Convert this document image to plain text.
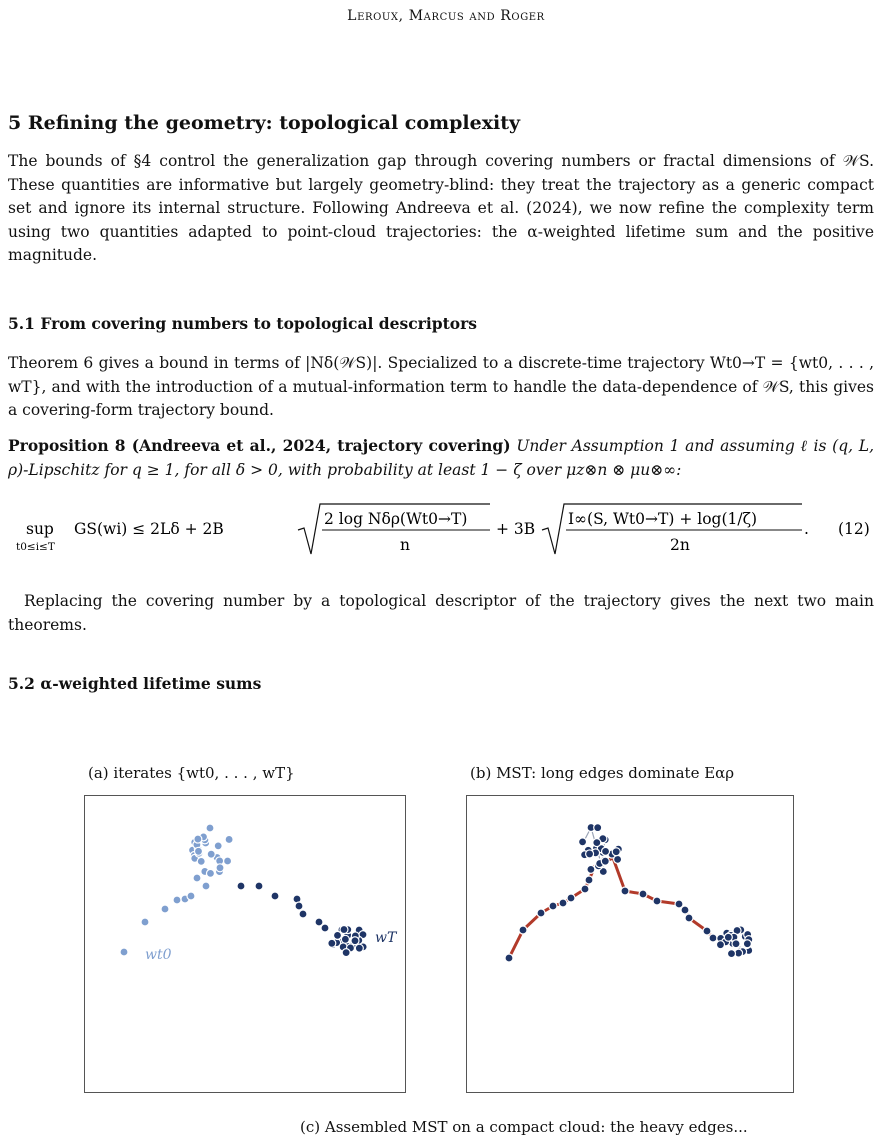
Leroux, Marcus and Roger
5 Refining the geometry: topological complexity

The bounds of §4 control the generalization gap through covering numbers or fractal dimensions of 𝒲S. These quantities are informative but largely geometry-blind: they treat the trajectory as a generic compact set and ignore its internal structure. Following Andreeva et al. (2024), we now refine the complexity term using two quantities adapted to point-cloud trajectories: the α-weighted lifetime sum and the positive magnitude.

5.1 From covering numbers to topological descriptors

Theorem 6 gives a bound in terms of |Nδ(𝒲S)|. Specialized to a discrete-time trajectory Wt0→T = {wt0, . . . , wT}, and with the introduction of a mutual-information term to handle the data-dependence of 𝒲S, this gives a covering-form trajectory bound.

Proposition 8 (Andreeva et al., 2024, trajectory covering) Under Assumption 1 and assuming ℓ is (q, L, ρ)-Lipschitz for q ≥ 1, for all δ > 0, with probability at least 1 − ζ over μz⊗n ⊗ μu⊗∞:
sup
t0≤i≤T
GS(wi) ≤ 2Lδ + 2B
2 log Nδρ(Wt0→T)
n
+ 3B
I∞(S, Wt0→T) + log(1/ζ)
2n
. (12)

Replacing the covering number by a topological descriptor of the trajectory gives the next two main theorems.

5.2 α-weighted lifetime sums
(a) iterates {wt0, . . . , wT}
wt0
wT
(b) MST: long edges dominate Eαρ
(c) Assembled MST on a compact cloud: the heavy edges...
